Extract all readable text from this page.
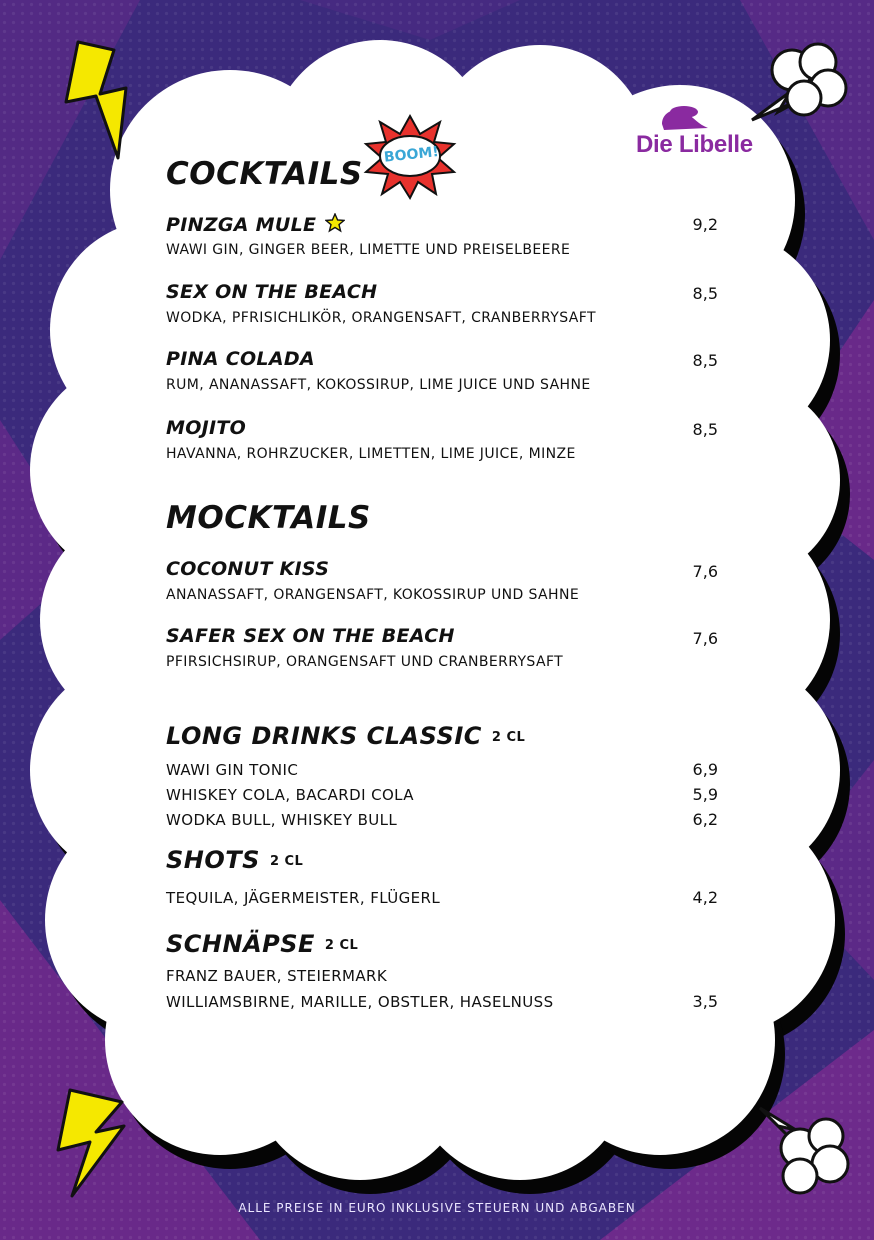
Die Libelle
BOOM!
COCKTAILS
PINZGA MULE
WAWI GIN, GINGER BEER, LIMETTE UND PREISELBEERE
9,2
SEX ON THE BEACH
WODKA, PFRISICHLIKÖR, ORANGENSAFT, CRANBERRYSAFT
8,5
PINA COLADA
RUM, ANANASSAFT, KOKOSSIRUP, LIME JUICE UND SAHNE
8,5
MOJITO
HAVANNA, ROHRZUCKER, LIMETTEN, LIME JUICE, MINZE
8,5
MOCKTAILS
COCONUT KISS
ANANASSAFT, ORANGENSAFT, KOKOSSIRUP UND SAHNE
7,6
SAFER SEX ON THE BEACH
PFIRSICHSIRUP, ORANGENSAFT UND CRANBERRYSAFT
7,6
LONG DRINKS CLASSIC 2 CL
WAWI GIN TONIC	6,9
WHISKEY COLA, BACARDI COLA	5,9
WODKA BULL, WHISKEY BULL	6,2
SHOTS 2 CL
TEQUILA, JÄGERMEISTER, FLÜGERL	4,2
SCHNÄPSE 2 CL
FRANZ BAUER, STEIERMARK
WILLIAMSBIRNE, MARILLE, OBSTLER, HASELNUSS	3,5
ALLE PREISE IN EURO INKLUSIVE STEUERN UND ABGABEN
